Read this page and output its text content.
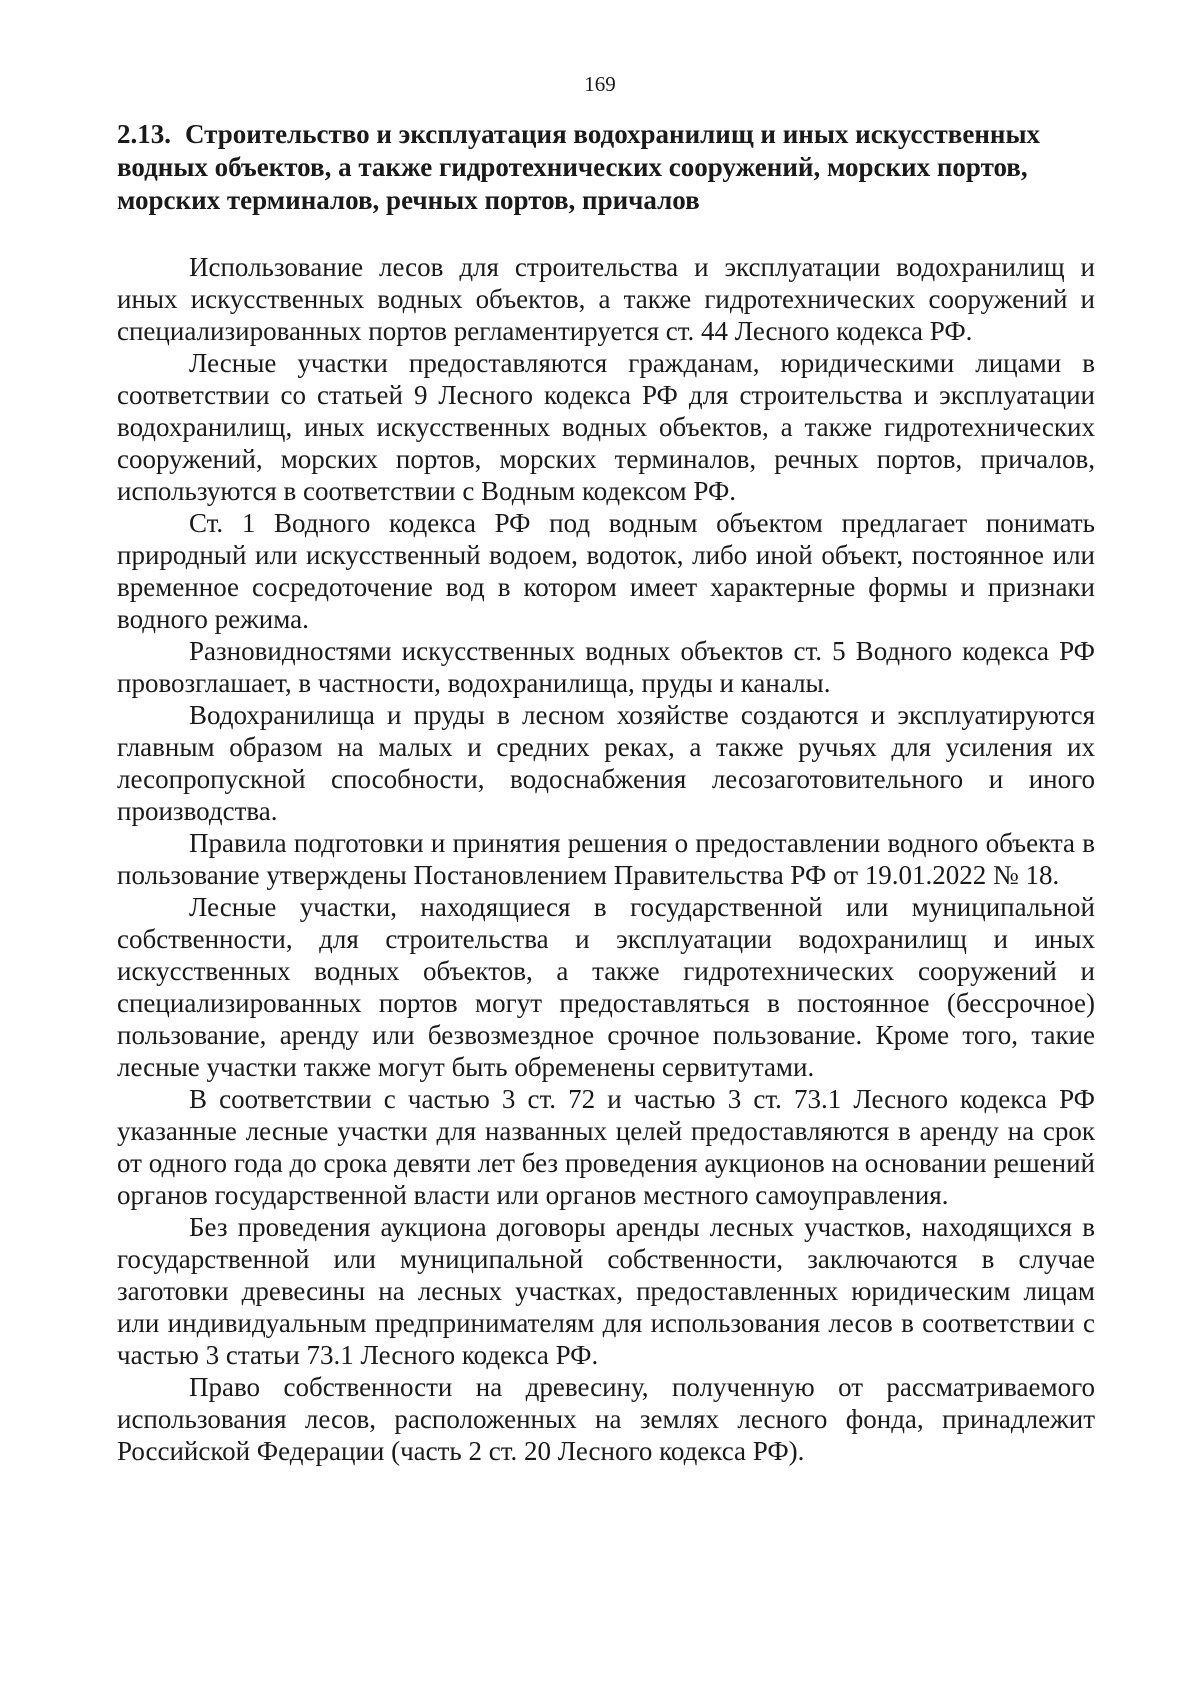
169
2.13. Строительство и эксплуатация водохранилищ и иных искусственных водных объектов, а также гидротехнических сооружений, морских портов, морских терминалов, речных портов, причалов

Использование лесов для строительства и эксплуатации водохранилищ и иных искусственных водных объектов, а также гидротехнических сооружений и специализированных портов регламентируется ст. 44 Лесного кодекса РФ.

Лесные участки предоставляются гражданам, юридическими лицами в соответствии со статьей 9 Лесного кодекса РФ для строительства и эксплуатации водохранилищ, иных искусственных водных объектов, а также гидротехнических сооружений, морских портов, морских терминалов, речных портов, причалов, используются в соответствии с Водным кодексом РФ.

Ст. 1 Водного кодекса РФ под водным объектом предлагает понимать природный или искусственный водоем, водоток, либо иной объект, постоянное или временное сосредоточение вод в котором имеет характерные формы и признаки водного режима.

Разновидностями искусственных водных объектов ст. 5 Водного кодекса РФ провозглашает, в частности, водохранилища, пруды и каналы.

Водохранилища и пруды в лесном хозяйстве создаются и эксплуатируются главным образом на малых и средних реках, а также ручьях для усиления их лесопропускной способности, водоснабжения лесозаготовительного и иного производства.

Правила подготовки и принятия решения о предоставлении водного объекта в пользование утверждены Постановлением Правительства РФ от 19.01.2022 № 18.

Лесные участки, находящиеся в государственной или муниципальной собственности, для строительства и эксплуатации водохранилищ и иных искусственных водных объектов, а также гидротехнических сооружений и специализированных портов могут предоставляться в постоянное (бессрочное) пользование, аренду или безвозмездное срочное пользование. Кроме того, такие лесные участки также могут быть обременены сервитутами.

В соответствии с частью 3 ст. 72 и частью 3 ст. 73.1 Лесного кодекса РФ указанные лесные участки для названных целей предоставляются в аренду на срок от одного года до срока девяти лет без проведения аукционов на основании решений органов государственной власти или органов местного самоуправления.

Без проведения аукциона договоры аренды лесных участков, находящихся в государственной или муниципальной собственности, заключаются в случае заготовки древесины на лесных участках, предоставленных юридическим лицам или индивидуальным предпринимателям для использования лесов в соответствии с частью 3 статьи 73.1 Лесного кодекса РФ.

Право собственности на древесину, полученную от рассматриваемого использования лесов, расположенных на землях лесного фонда, принадлежит Российской Федерации (часть 2 ст. 20 Лесного кодекса РФ).
